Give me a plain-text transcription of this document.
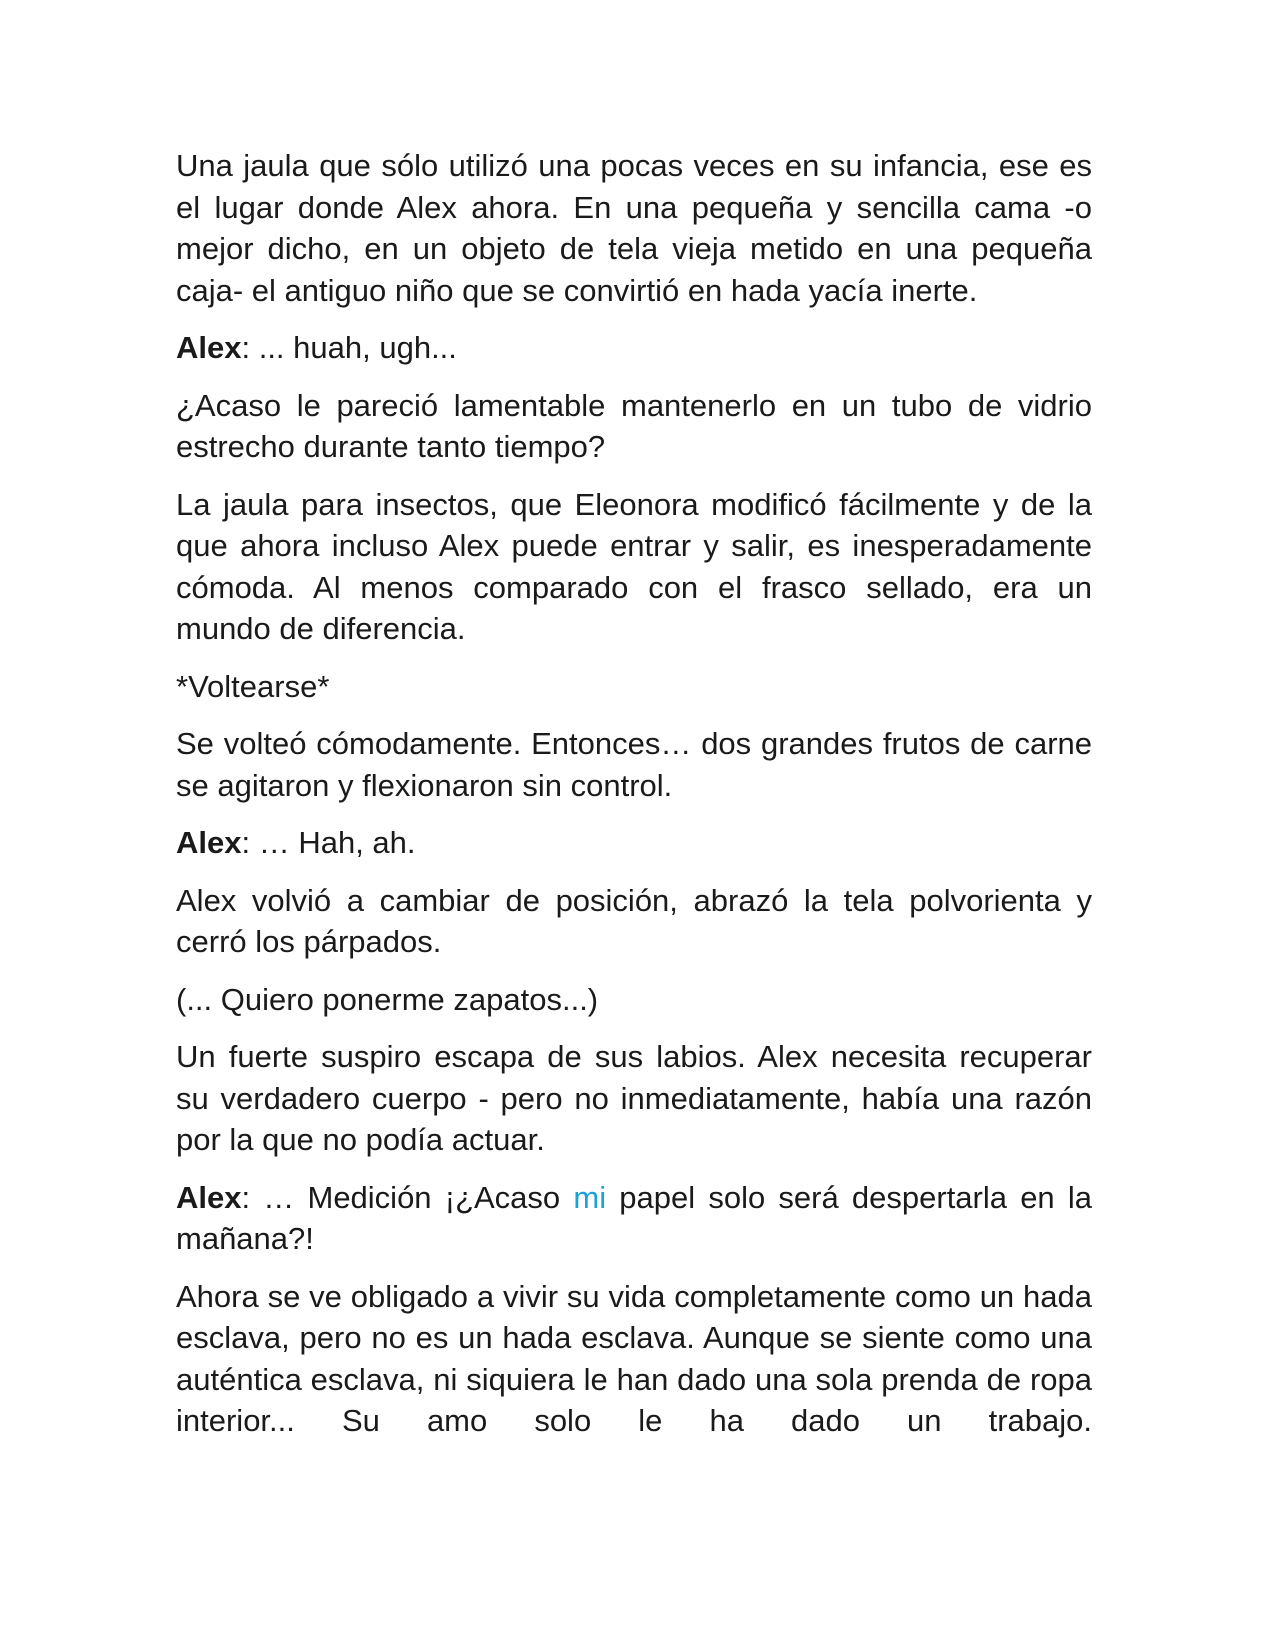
Una jaula que sólo utilizó una pocas veces en su infancia, ese es el lugar donde Alex ahora. En una pequeña y sencilla cama -o mejor dicho, en un objeto de tela vieja metido en una pequeña caja- el antiguo niño que se convirtió en hada yacía inerte.

Alex: ... huah, ugh...

¿Acaso le pareció lamentable mantenerlo en un tubo de vidrio estrecho durante tanto tiempo?

La jaula para insectos, que Eleonora modificó fácilmente y de la que ahora incluso Alex puede entrar y salir, es inesperadamente cómoda. Al menos comparado con el frasco sellado, era un mundo de diferencia.

*Voltearse*

Se volteó cómodamente. Entonces… dos grandes frutos de carne se agitaron y flexionaron sin control.

Alex: … Hah, ah.

Alex volvió a cambiar de posición, abrazó la tela polvorienta y cerró los párpados.

(... Quiero ponerme zapatos...)

Un fuerte suspiro escapa de sus labios. Alex necesita recuperar su verdadero cuerpo - pero no inmediatamente, había una razón por la que no podía actuar.

Alex: … Medición ¡¿Acaso mi papel solo será despertarla en la mañana?!

Ahora se ve obligado a vivir su vida completamente como un hada esclava, pero no es un hada esclava. Aunque se siente como una auténtica esclava, ni siquiera le han dado una sola prenda de ropa interior... Su amo solo le ha dado un trabajo.
